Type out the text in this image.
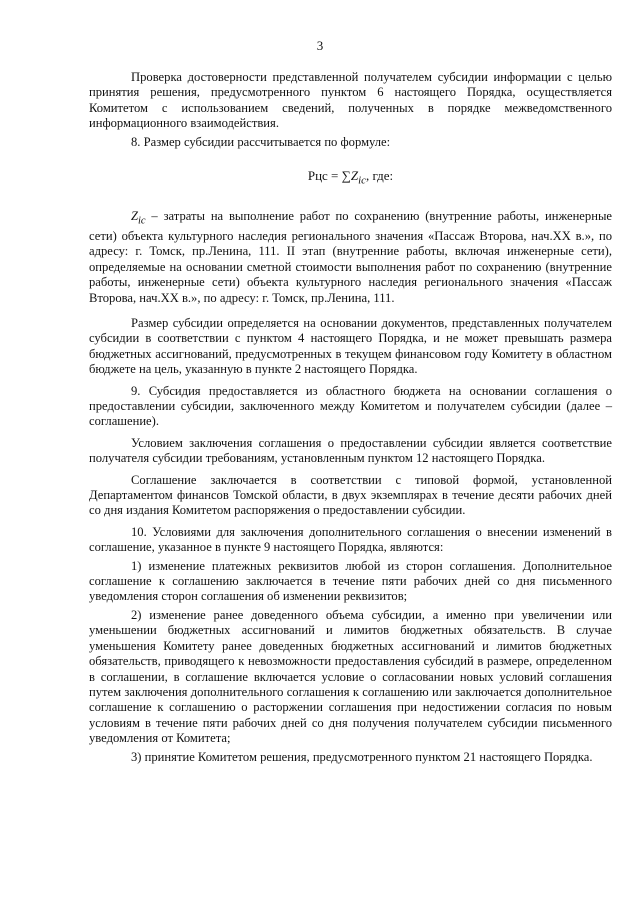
3

Проверка достоверности представленной получателем субсидии информации с целью принятия решения, предусмотренного пунктом 6 настоящего Порядка, осуществляется Комитетом с использованием сведений, полученных в порядке межведомственного информационного взаимодействия.

8. Размер субсидии рассчитывается по формуле:

Рцс = $\sum Z_{ic}$, где:

$Z_{ic}$ – затраты на выполнение работ по сохранению (внутренние работы, инженерные сети) объекта культурного наследия регионального значения «Пассаж Второва, нач.XX в.», по адресу: г. Томск, пр.Ленина, 111. II этап (внутренние работы, включая инженерные сети), определяемые на основании сметной стоимости выполнения работ по сохранению (внутренние работы, инженерные сети) объекта культурного наследия регионального значения «Пассаж Второва, нач.XX в.», по адресу: г. Томск, пр.Ленина, 111.

Размер субсидии определяется на основании документов, представленных получателем субсидии в соответствии с пунктом 4 настоящего Порядка, и не может превышать размера бюджетных ассигнований, предусмотренных в текущем финансовом году Комитету в областном бюджете на цель, указанную в пункте 2 настоящего Порядка.

9. Субсидия предоставляется из областного бюджета на основании соглашения о предоставлении субсидии, заключенного между Комитетом и получателем субсидии (далее – соглашение).

Условием заключения соглашения о предоставлении субсидии является соответствие получателя субсидии требованиям, установленным пунктом 12 настоящего Порядка.

Соглашение заключается в соответствии с типовой формой, установленной Департаментом финансов Томской области, в двух экземплярах в течение десяти рабочих дней со дня издания Комитетом распоряжения о предоставлении субсидии.

10. Условиями для заключения дополнительного соглашения о внесении изменений в соглашение, указанное в пункте 9 настоящего Порядка, являются:

1) изменение платежных реквизитов любой из сторон соглашения. Дополнительное соглашение к соглашению заключается в течение пяти рабочих дней со дня письменного уведомления сторон соглашения об изменении реквизитов;

2) изменение ранее доведенного объема субсидии, а именно при увеличении или уменьшении бюджетных ассигнований и лимитов бюджетных обязательств. В случае уменьшения Комитету ранее доведенных бюджетных ассигнований и лимитов бюджетных обязательств, приводящего к невозможности предоставления субсидий в размере, определенном в соглашении, в соглашение включается условие о согласовании новых условий соглашения путем заключения дополнительного соглашения к соглашению или заключается дополнительное соглашение к соглашению о расторжении соглашения при недостижении согласия по новым условиям в течение пяти рабочих дней со дня получения получателем субсидии письменного уведомления от Комитета;

3) принятие Комитетом решения, предусмотренного пунктом 21 настоящего Порядка.
